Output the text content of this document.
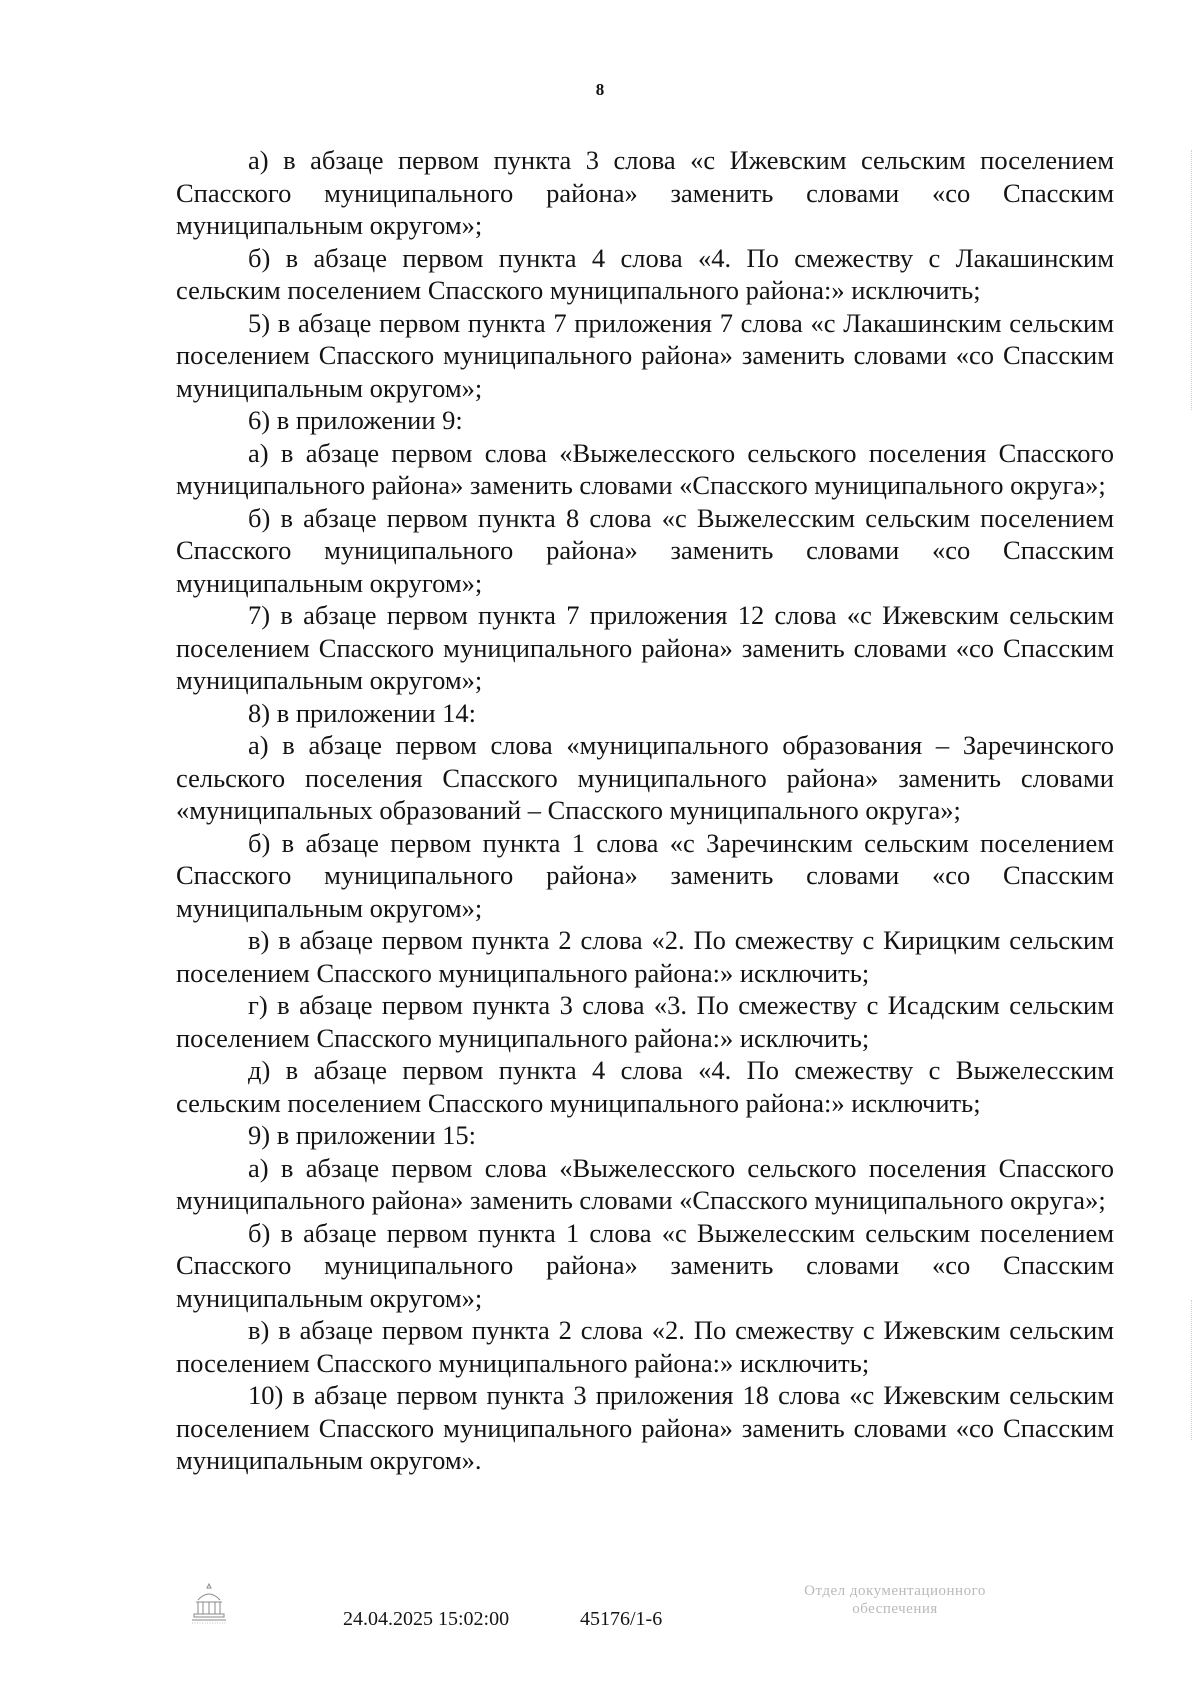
8

а) в абзаце первом пункта 3 слова «с Ижевским сельским поселением Спасского муниципального района» заменить словами «со Спасским муниципальным округом»;

б) в абзаце первом пункта 4 слова «4. По смежеству с Лакашинским сельским поселением Спасского муниципального района:» исключить;

5) в абзаце первом пункта 7 приложения 7 слова «с Лакашинским сельским поселением Спасского муниципального района» заменить словами «со Спасским муниципальным округом»;

6) в приложении 9:

а) в абзаце первом слова «Выжелесского сельского поселения Спасского муниципального района» заменить словами «Спасского муниципального округа»;

б) в абзаце первом пункта 8 слова «с Выжелесским сельским поселением Спасского муниципального района» заменить словами «со Спасским муниципальным округом»;

7) в абзаце первом пункта 7 приложения 12 слова «с Ижевским сельским поселением Спасского муниципального района» заменить словами «со Спасским муниципальным округом»;

8) в приложении 14:

а) в абзаце первом слова «муниципального образования – Заречинского сельского поселения Спасского муниципального района» заменить словами «муниципальных образований – Спасского муниципального округа»;

б) в абзаце первом пункта 1 слова «с Заречинским сельским поселением Спасского муниципального района» заменить словами «со Спасским муниципальным округом»;

в) в абзаце первом пункта 2 слова «2. По смежеству с Кирицким сельским поселением Спасского муниципального района:» исключить;

г) в абзаце первом пункта 3 слова «3. По смежеству с Исадским сельским поселением Спасского муниципального района:» исключить;

д) в абзаце первом пункта 4 слова «4. По смежеству с Выжелесским сельским поселением Спасского муниципального района:» исключить;

9) в приложении 15:

а) в абзаце первом слова «Выжелесского сельского поселения Спасского муниципального района» заменить словами «Спасского муниципального округа»;

б) в абзаце первом пункта 1 слова «с Выжелесским сельским поселением Спасского муниципального района» заменить словами «со Спасским муниципальным округом»;

в) в абзаце первом пункта 2 слова «2. По смежеству с Ижевским сельским поселением Спасского муниципального района:» исключить;

10) в абзаце первом пункта 3 приложения 18 слова «с Ижевским сельским поселением Спасского муниципального района» заменить словами «со Спасским муниципальным округом».

24.04.2025 15:02:00	45176/1-6
Отдел документационного
обеспечения
